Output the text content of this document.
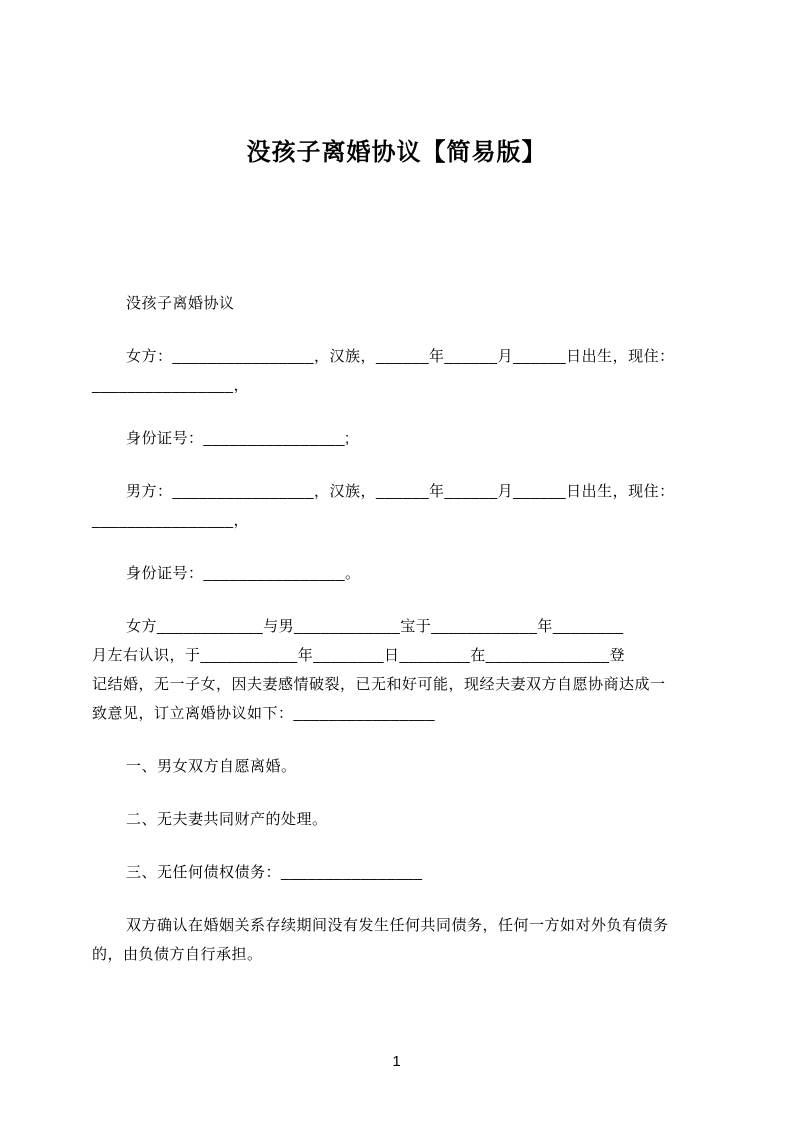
没孩子离婚协议【简易版】

没孩子离婚协议

女方：________________，汉族，______年______月______日出生，现住：

________________，

身份证号：________________;

男方：________________，汉族，______年______月______日出生，现住：

________________，

身份证号：________________。

女方____________与男____________宝于____________年________

月左右认识，于___________年________日________在______________登

记结婚，无一子女，因夫妻感情破裂，已无和好可能，现经夫妻双方自愿协商达成一

致意见，订立离婚协议如下：________________

一、男女双方自愿离婚。

二、无夫妻共同财产的处理。

三、无任何债权债务：________________

双方确认在婚姻关系存续期间没有发生任何共同债务，任何一方如对外负有债务

的，由负债方自行承担。

1
